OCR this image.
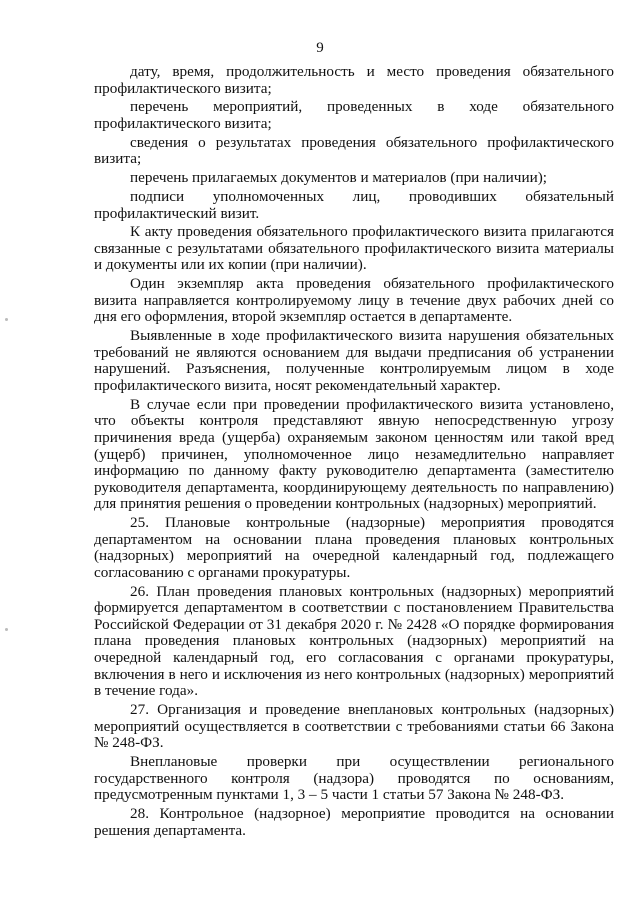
9

дату, время, продолжительность и место проведения обязательного профилактического визита;

перечень мероприятий, проведенных в ходе обязательного профилактического визита;

сведения о результатах проведения обязательного профилактического визита;

перечень прилагаемых документов и материалов (при наличии);

подписи уполномоченных лиц, проводивших обязательный профилактический визит.

К акту проведения обязательного профилактического визита прилагаются связанные с результатами обязательного профилактического визита материалы и документы или их копии (при наличии).

Один экземпляр акта проведения обязательного профилактического визита направляется контролируемому лицу в течение двух рабочих дней со дня его оформления, второй экземпляр остается в департаменте.

Выявленные в ходе профилактического визита нарушения обязательных требований не являются основанием для выдачи предписания об устранении нарушений. Разъяснения, полученные контролируемым лицом в ходе профилактического визита, носят рекомендательный характер.

В случае если при проведении профилактического визита установлено, что объекты контроля представляют явную непосредственную угрозу причинения вреда (ущерба) охраняемым законом ценностям или такой вред (ущерб) причинен, уполномоченное лицо незамедлительно направляет информацию по данному факту руководителю департамента (заместителю руководителя департамента, координирующему деятельность по направлению) для принятия решения о проведении контрольных (надзорных) мероприятий.

25. Плановые контрольные (надзорные) мероприятия проводятся департаментом на основании плана проведения плановых контрольных (надзорных) мероприятий на очередной календарный год, подлежащего согласованию с органами прокуратуры.

26. План проведения плановых контрольных (надзорных) мероприятий формируется департаментом в соответствии с постановлением Правительства Российской Федерации от 31 декабря 2020 г. № 2428 «О порядке формирования плана проведения плановых контрольных (надзорных) мероприятий на очередной календарный год, его согласования с органами прокуратуры, включения в него и исключения из него контрольных (надзорных) мероприятий в течение года».

27. Организация и проведение внеплановых контрольных (надзорных) мероприятий осуществляется в соответствии с требованиями статьи 66 Закона № 248-ФЗ.

Внеплановые проверки при осуществлении регионального государственного контроля (надзора) проводятся по основаниям, предусмотренным пунктами 1, 3 – 5 части 1 статьи 57 Закона № 248-ФЗ.

28. Контрольное (надзорное) мероприятие проводится на основании решения департамента.
